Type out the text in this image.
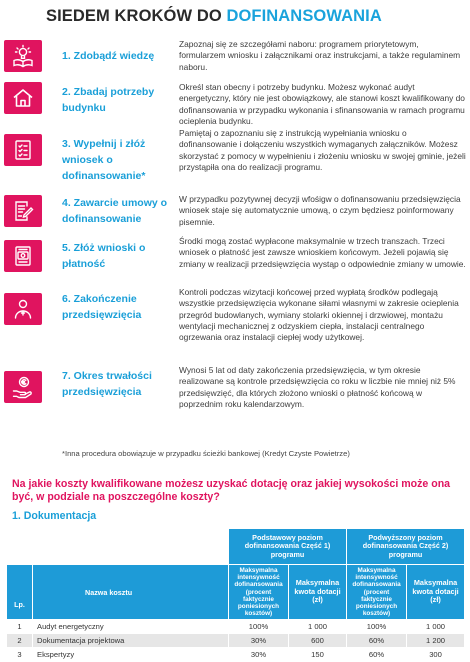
SIEDEM KROKÓW DO DOFINANSOWANIA
1. Zdobądź wiedzę
Zapoznaj się ze szczegółami naboru: programem priorytetowym, formularzem wniosku i załącznikami oraz instrukcjami, a także regulaminem naboru.
2. Zbadaj potrzeby budynku
Określ stan obecny i potrzeby budynku. Możesz wykonać audyt energetyczny, który nie jest obowiązkowy, ale stanowi koszt kwalifikowany do dofinansowania w przypadku wykonania i sfinansowania w ramach programu ocieplenia budynku.
3. Wypełnij i złóż wniosek o dofinansowanie*
Pamiętaj o zapoznaniu się z instrukcją wypełniania wniosku o dofinansowanie i dołączeniu wszystkich wymaganych załączników. Możesz skorzystać z pomocy w wypełnieniu i złożeniu wniosku w swojej gminie, jeżeli przystąpiła ona do realizacji programu.
4. Zawarcie umowy o dofinansowanie
W przypadku pozytywnej decyzji wfośigw o dofinansowaniu przedsięwzięcia wniosek staje się automatycznie umową, o czym będziesz poinformowany pisemnie.
5. Złóż wnioski o płatność
Środki mogą zostać wypłacone maksymalnie w trzech transzach. Trzeci wniosek o płatność jest zawsze wnioskiem końcowym. Jeżeli pojawią się zmiany w realizacji przedsięwzięcia wystąp o odpowiednie zmiany w umowie.
6. Zakończenie przedsięwzięcia
Kontroli podczas wizytacji końcowej przed wypłatą środków podlegają wszystkie przedsięwzięcia wykonane siłami własnymi w zakresie ocieplenia przegród budowlanych, wymiany stolarki okiennej i drzwiowej, montażu wentylacji mechanicznej z odzyskiem ciepła, instalacji centralnego ogrzewania oraz instalacji ciepłej wody użytkowej.
7. Okres trwałości przedsięwzięcia
Wynosi 5 lat od daty zakończenia przedsięwzięcia, w tym okresie realizowane są kontrole przedsięwzięcia co roku w liczbie nie mniej niż 5% przedsięwzięć, dla których złożono wnioski o płatność końcową w poprzednim roku kalendarzowym.
*Inna procedura obowiązuje w przypadku ścieżki bankowej (Kredyt Czyste Powietrze)
Na jakie koszty kwalifikowane możesz uzyskać dotację oraz jakiej wysokości może ona być, w podziale na poszczególne koszty?
1. Dokumentacja
		Podstawowy poziom dofinansowania Część 1) programu		Podwyższony poziom dofinansowania Część 2) programu	
Lp.	Nazwa kosztu	Maksymalna intensywność dofinansowania (procent faktycznie poniesionych kosztów)	Maksymalna kwota dotacji (zł)	Maksymalna intensywność dofinansowania (procent faktycznie poniesionych kosztów)	Maksymalna kwota dotacji (zł)
1	Audyt energetyczny	100%	1 000	100%	1 000
2	Dokumentacja projektowa	30%	600	60%	1 200
3	Ekspertyzy	30%	150	60%	300
